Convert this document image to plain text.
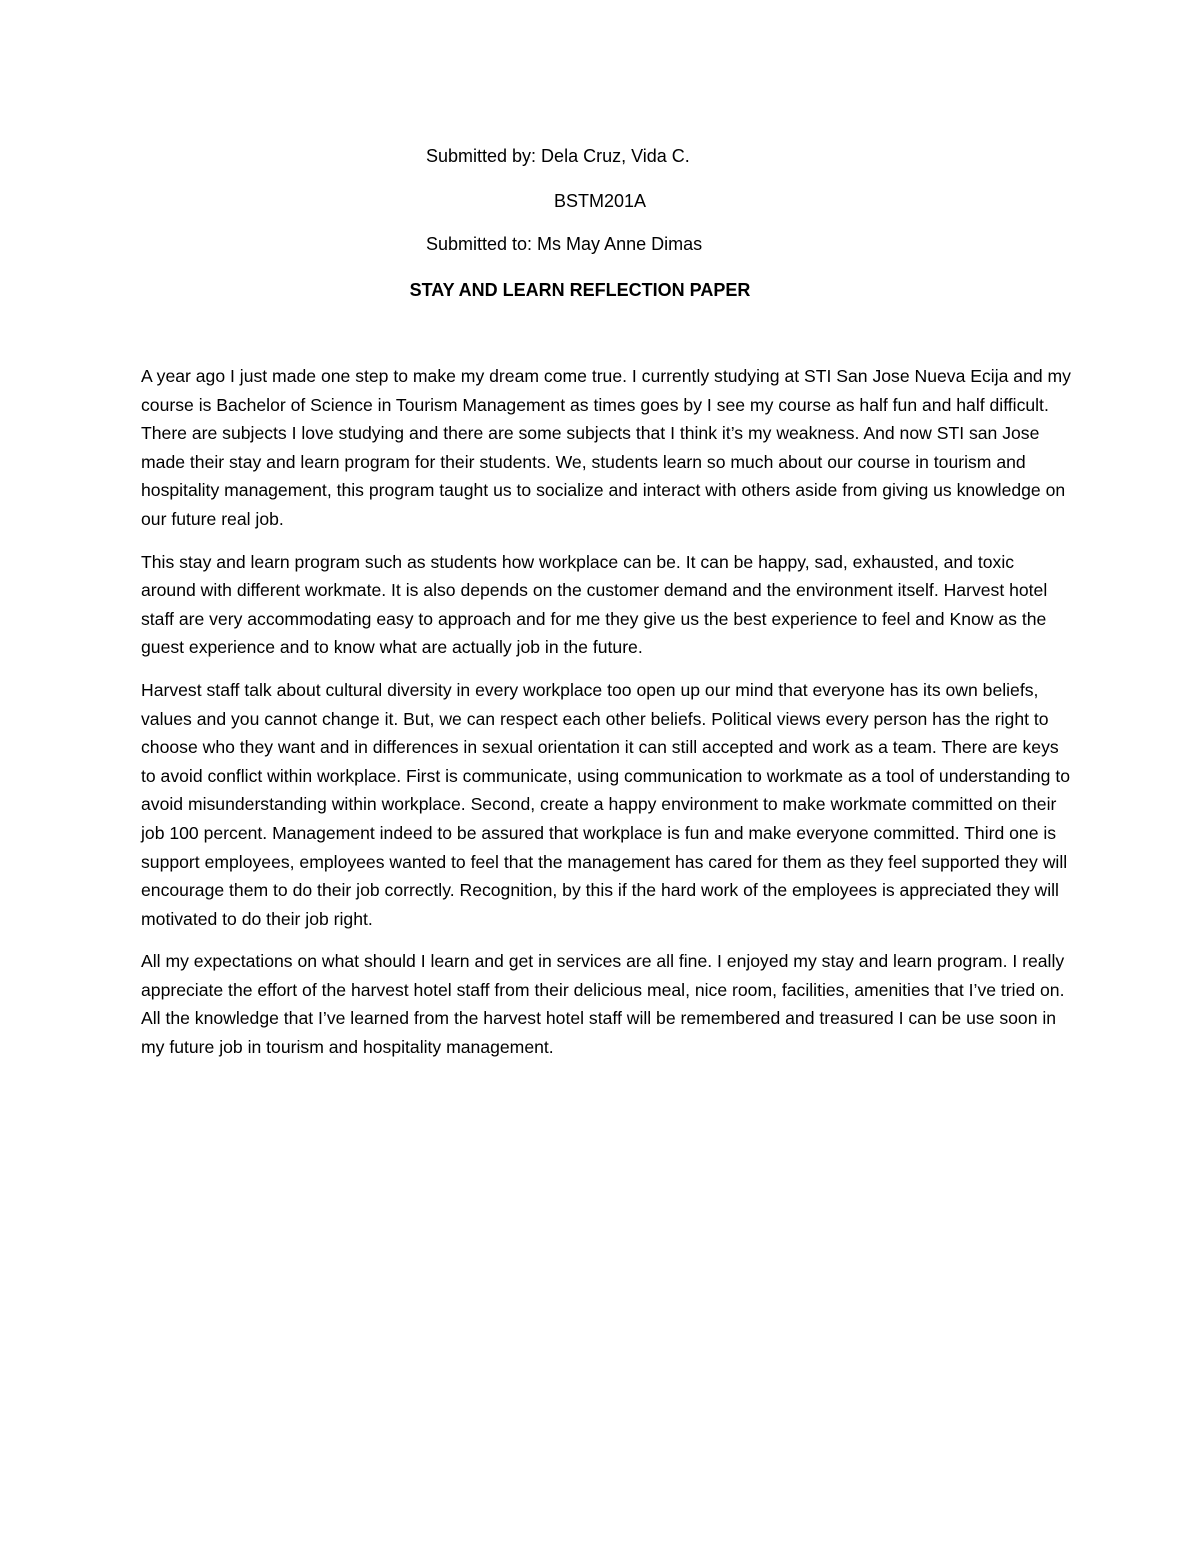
Submitted by: Dela Cruz, Vida C.
BSTM201A
Submitted to: Ms May Anne Dimas
STAY AND LEARN REFLECTION PAPER

A year ago I just made one step to make my dream come true. I currently studying at STI San Jose Nueva Ecija and my course is Bachelor of Science in Tourism Management as times goes by I see my course as half fun and half difficult. There are subjects I love studying and there are some subjects that I think it’s my weakness. And now STI san Jose made their stay and learn program for their students. We, students learn so much about our course in tourism and hospitality management, this program taught us to socialize and interact with others aside from giving us knowledge on our future real job.

This stay and learn program such as students how workplace can be. It can be happy, sad, exhausted, and toxic around with different workmate. It is also depends on the customer demand and the environment itself. Harvest hotel staff are very accommodating easy to approach and for me they give us the best experience to feel and Know as the guest experience and to know what are actually job in the future.

Harvest staff talk about cultural diversity in every workplace too open up our mind that everyone has its own beliefs, values and you cannot change it. But, we can respect each other beliefs. Political views every person has the right to choose who they want and in differences in sexual orientation it can still accepted and work as a team. There are keys to avoid conflict within workplace. First is communicate, using communication to workmate as a tool of understanding to avoid misunderstanding within workplace. Second, create a happy environment to make workmate committed on their job 100 percent. Management indeed to be assured that workplace is fun and make everyone committed. Third one is support employees, employees wanted to feel that the management has cared for them as they feel supported they will encourage them to do their job correctly. Recognition, by this if the hard work of the employees is appreciated they will motivated to do their job right.

All my expectations on what should I learn and get in services are all fine. I enjoyed my stay and learn program. I really appreciate the effort of the harvest hotel staff from their delicious meal, nice room, facilities, amenities that I’ve tried on. All the knowledge that I’ve learned from the harvest hotel staff will be remembered and treasured I can be use soon in my future job in tourism and hospitality management.
